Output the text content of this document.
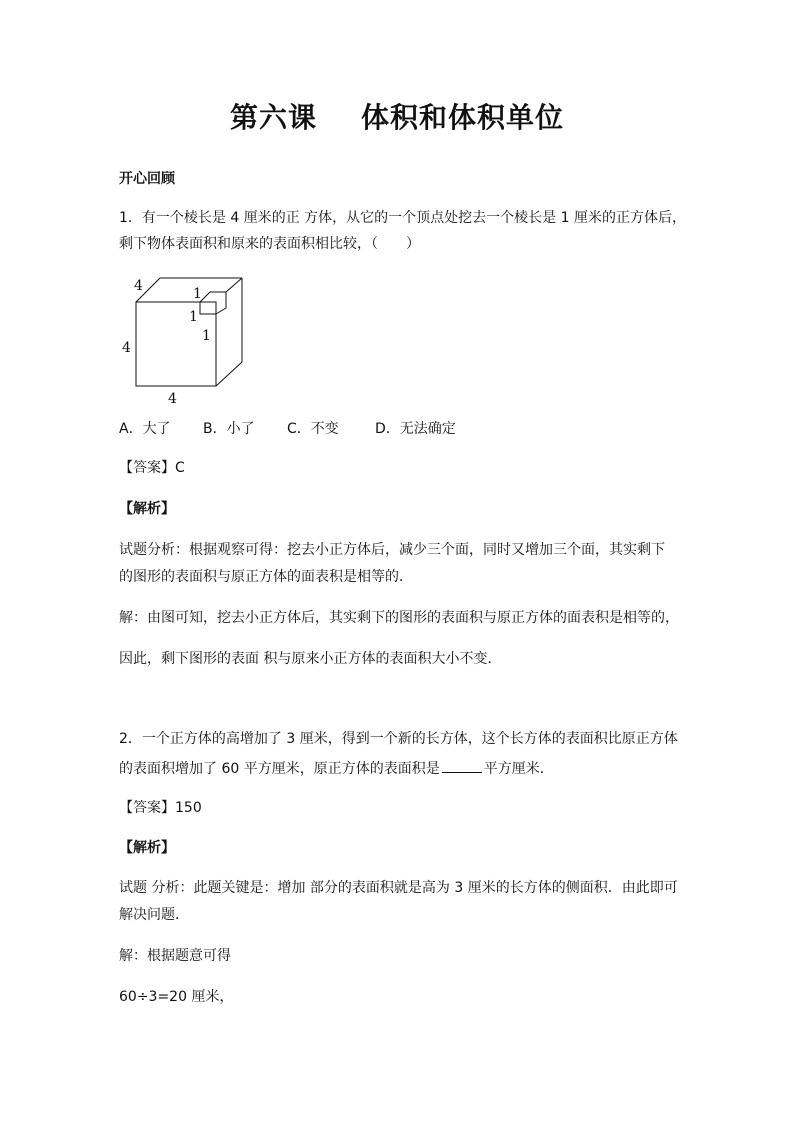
第六课 体积和体积单位
开心回顾
1．有一个棱长是 4 厘米的正 方体，从它的一个顶点处挖去一个棱长是 1 厘米的正方体后，
剩下物体表面积和原来的表面积相比较，（　　）
4	1
1
1
4
4
A．大了 B．小了 C．不变	D．无法确定
【答案】C
【解析】
试题分析：根据观察可得：挖去小正方体后，减少三个面，同时又增加三个面，其实剩下
的图形的表面积与原正方体的面表积是相等的．
解：由图可知，挖去小正方体后，其实剩下的图形的表面积与原正方体的面表积是相等的，
因此，剩下图形的表面 积与原来小正方体的表面积大小不变．
2．一个正方体的高增加了 3 厘米，得到一个新的长方体，这个长方体的表面积比原正方体
的表面积增加了 60 平方厘米，原正方体的表面积是	平方厘米．
【答案】150
【解析】
试题 分析：此题关键是：增加 部分的表面积就是高为 3 厘米的长方体的侧面积．由此即可
解决问题．
解：根据题意可得
60÷3=20 厘米，
